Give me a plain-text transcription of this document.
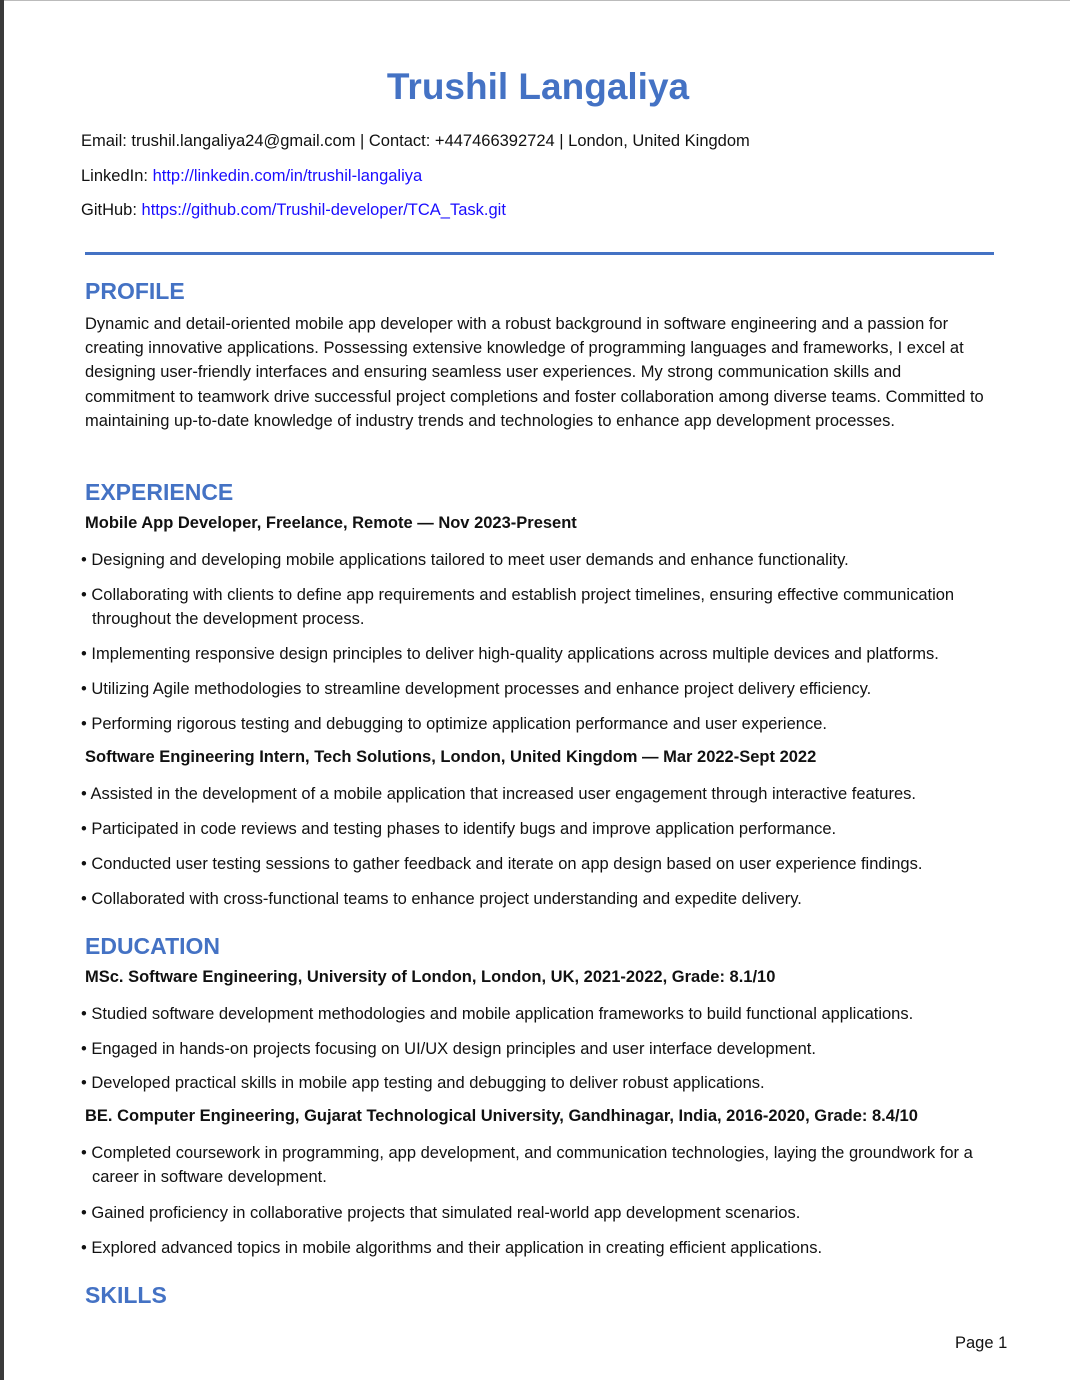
Trushil Langaliya
Email: trushil.langaliya24@gmail.com | Contact: +447466392724 | London, United Kingdom
LinkedIn: http://linkedin.com/in/trushil-langaliya
GitHub: https://github.com/Trushil-developer/TCA_Task.git
PROFILE

Dynamic and detail-oriented mobile app developer with a robust background in software engineering and a passion for creating innovative applications. Possessing extensive knowledge of programming languages and frameworks, I excel at designing user-friendly interfaces and ensuring seamless user experiences. My strong communication skills and commitment to teamwork drive successful project completions and foster collaboration among diverse teams. Committed to maintaining up-to-date knowledge of industry trends and technologies to enhance app development processes.

EXPERIENCE
Mobile App Developer, Freelance, Remote — Nov 2023-Present
• Designing and developing mobile applications tailored to meet user demands and enhance functionality.
• Collaborating with clients to define app requirements and establish project timelines, ensuring effective communication throughout the development process.
• Implementing responsive design principles to deliver high-quality applications across multiple devices and platforms.
• Utilizing Agile methodologies to streamline development processes and enhance project delivery efficiency.
• Performing rigorous testing and debugging to optimize application performance and user experience.
Software Engineering Intern, Tech Solutions, London, United Kingdom — Mar 2022-Sept 2022
• Assisted in the development of a mobile application that increased user engagement through interactive features.
• Participated in code reviews and testing phases to identify bugs and improve application performance.
• Conducted user testing sessions to gather feedback and iterate on app design based on user experience findings.
• Collaborated with cross-functional teams to enhance project understanding and expedite delivery.
EDUCATION
MSc. Software Engineering, University of London, London, UK, 2021-2022, Grade: 8.1/10
• Studied software development methodologies and mobile application frameworks to build functional applications.
• Engaged in hands-on projects focusing on UI/UX design principles and user interface development.
• Developed practical skills in mobile app testing and debugging to deliver robust applications.
BE. Computer Engineering, Gujarat Technological University, Gandhinagar, India, 2016-2020, Grade: 8.4/10
• Completed coursework in programming, app development, and communication technologies, laying the groundwork for a career in software development.
• Gained proficiency in collaborative projects that simulated real-world app development scenarios.
• Explored advanced topics in mobile algorithms and their application in creating efficient applications.
SKILLS
Page 1
